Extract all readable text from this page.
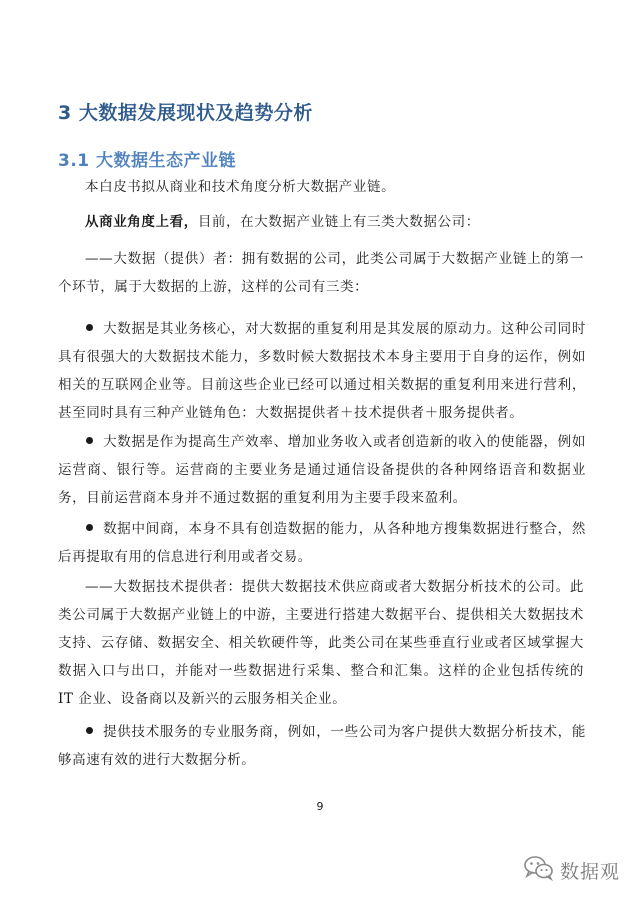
3 大数据发展现状及趋势分析
3.1 大数据生态产业链
本白皮书拟从商业和技术角度分析大数据产业链。
从商业角度上看，目前，在大数据产业链上有三类大数据公司：
——大数据（提供）者：拥有数据的公司，此类公司属于大数据产业链上的第一个环节，属于大数据的上游，这样的公司有三类：
大数据是其业务核心，对大数据的重复利用是其发展的原动力。这种公司同时具有很强大的大数据技术能力，多数时候大数据技术本身主要用于自身的运作，例如相关的互联网企业等。目前这些企业已经可以通过相关数据的重复利用来进行营利，甚至同时具有三种产业链角色：大数据提供者＋技术提供者＋服务提供者。
大数据是作为提高生产效率、增加业务收入或者创造新的收入的使能器，例如运营商、银行等。运营商的主要业务是通过通信设备提供的各种网络语音和数据业务，目前运营商本身并不通过数据的重复利用为主要手段来盈利。
数据中间商，本身不具有创造数据的能力，从各种地方搜集数据进行整合，然后再提取有用的信息进行利用或者交易。
——大数据技术提供者：提供大数据技术供应商或者大数据分析技术的公司。此类公司属于大数据产业链上的中游，主要进行搭建大数据平台、提供相关大数据技术支持、云存储、数据安全、相关软硬件等，此类公司在某些垂直行业或者区域掌握大数据入口与出口，并能对一些数据进行采集、整合和汇集。这样的企业包括传统的 IT 企业、设备商以及新兴的云服务相关企业。
提供技术服务的专业服务商，例如，一些公司为客户提供大数据分析技术，能够高速有效的进行大数据分析。
9
数据观
